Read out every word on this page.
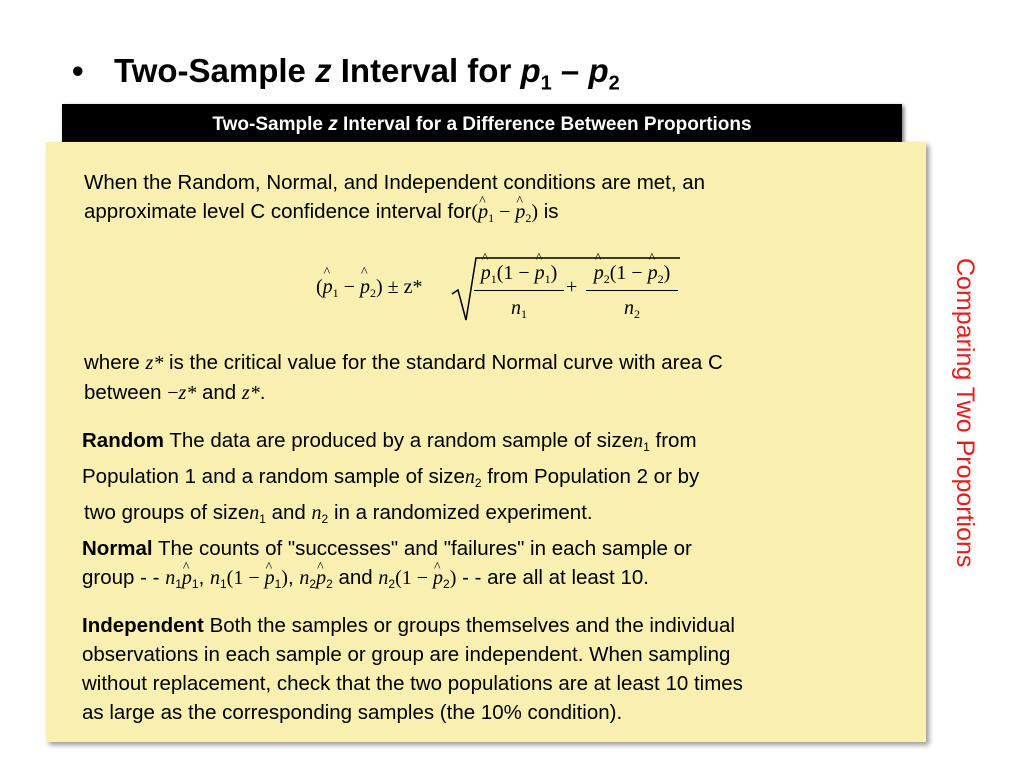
• Two-Sample z Interval for $p_1 - p_2$
Two-Sample z Interval for a Difference Between Proportions
Comparing Two Proportions
When the Random, Normal, and Independent conditions are met, an
approximate level C confidence interval for(^ $p_1$ − ^ $p_2$) is
(^ $p_1$ − ^ $p_2) \pm z*$	^ $\frac{p_1(1 - \^{} p_1)}{n_1}$ + ^ $\frac{p_2(1 - \^{} p_2)}{n_2}$
where z* is the critical value for the standard Normal curve with area C
between −z* and z*.
Random The data are produced by a random sample of sizen$_1$ from
Population 1 and a random sample of sizen$_2$ from Population 2 or by
two groups of sizen$_1$ and $n_2$ in a randomized experiment.
Normal The counts of "successes" and "failures" in each sample or
group - - $n_1\^{}$ $p_1$, $n_1(1$ − ^ $p_1$), $n_2\^{}$ $p_2$ and $n_2(1$ − ^ $p_2$) - - are all at least 10.
Independent Both the samples or groups themselves and the individual
observations in each sample or group are independent. When sampling
without replacement, check that the two populations are at least 10 times
as large as the corresponding samples (the 10% condition).
